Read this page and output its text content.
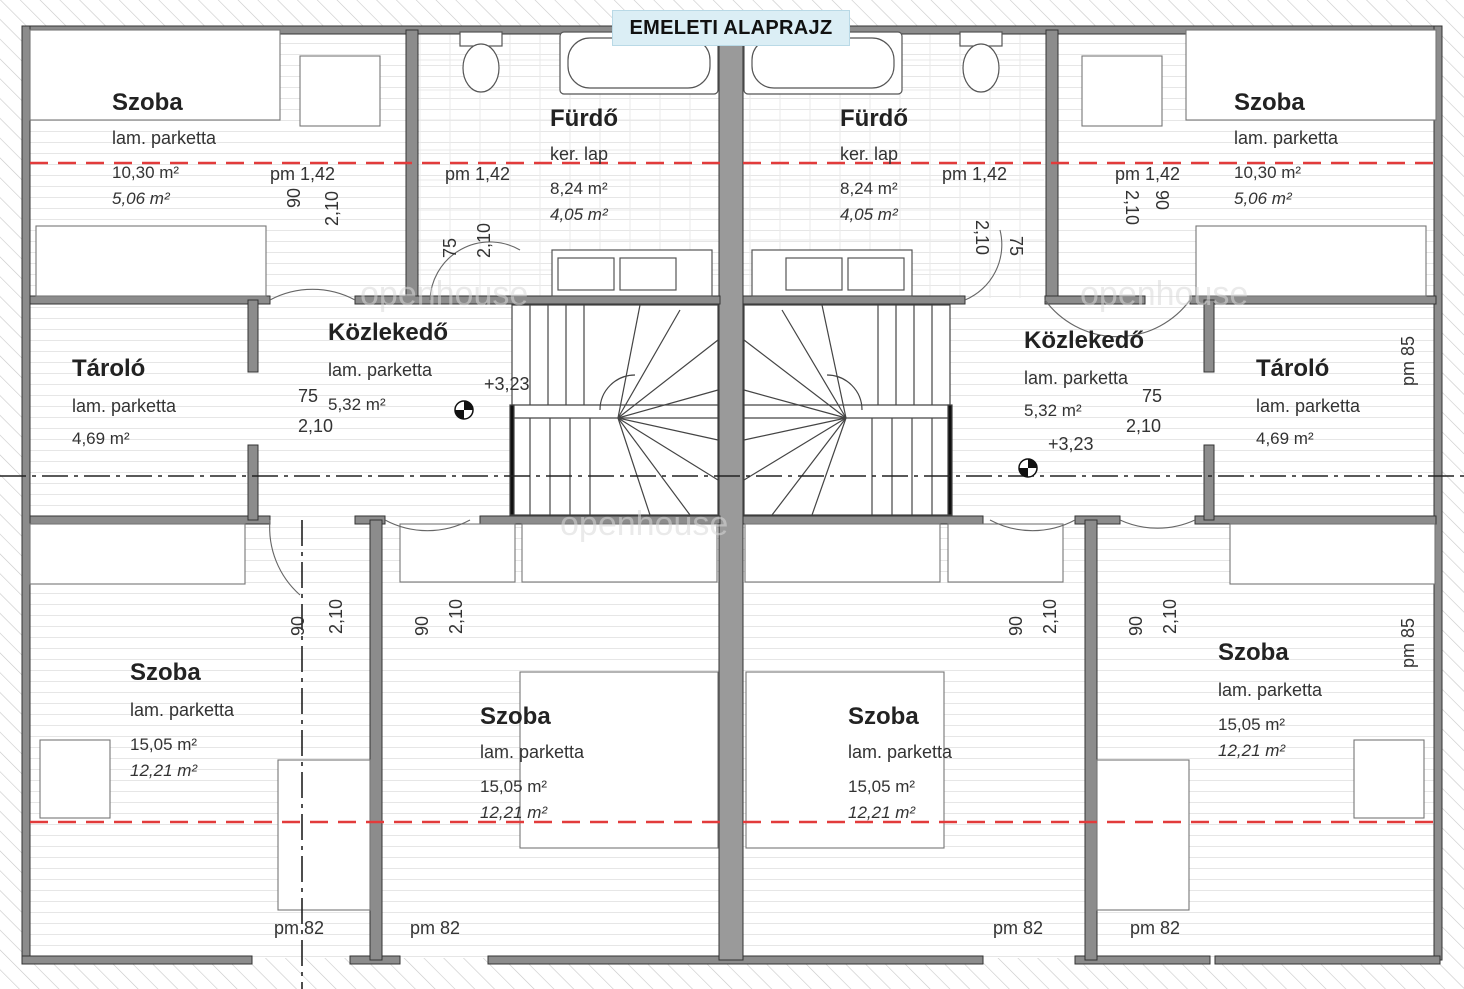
openhouse
openhouse
openhouse
Szoba
lam. parketta
10,30 m²
5,06 m²
Fürdő
ker. lap
8,24 m²
4,05 m²
Fürdő
ker. lap
8,24 m²
4,05 m²
Szoba
lam. parketta
10,30 m²
5,06 m²
Tároló
lam. parketta
4,69 m²
Közlekedő
lam. parketta
5,32 m²
+3,23
Közlekedő
lam. parketta
5,32 m²
+3,23
Tároló
lam. parketta
4,69 m²
Szoba
lam. parketta
15,05 m²
12,21 m²
Szoba
lam. parketta
15,05 m²
12,21 m²
Szoba
lam. parketta
15,05 m²
12,21 m²
Szoba
lam. parketta
15,05 m²
12,21 m²
pm 1,42	pm 1,42	pm 1,42	pm 1,42
90 2,10
75 2,10	2,10 75
2,10 90
75
2,10
75
2,10
90 2,10	90 2,10	90 2,10	90 2,10
pm 85
pm 85
pm 82	pm 82	pm 82	pm 82
EMELETI ALAPRAJZ
